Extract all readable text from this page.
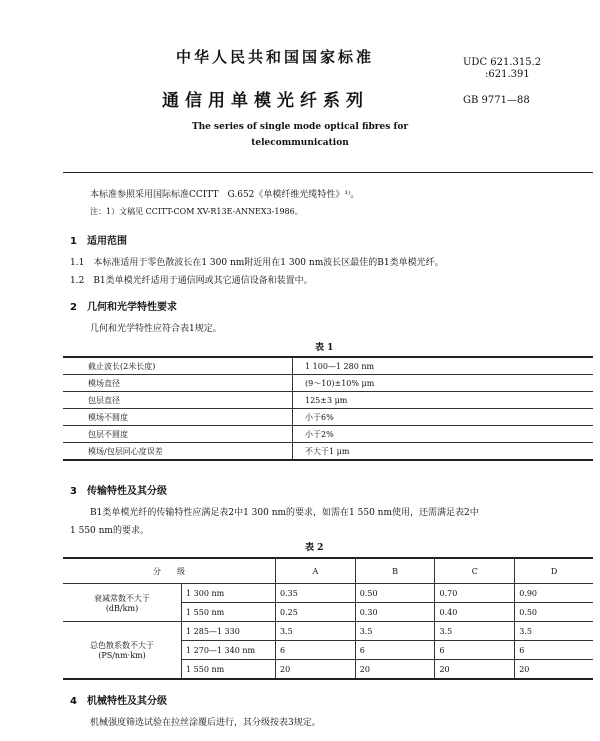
中华人民共和国国家标准	UDC 621.315.2
:621.391
通信用单模光纤系列	GB 9771—88
The series of single mode optical fibres for
telecommunication
本标准参照采用国际标准CCITT　G.652《单模纤维光缆特性》¹⁾。
注：1）文稿见 CCITT-COM XV-R13E-ANNEX3-1986。
1　适用范围
1.1　本标准适用于零色散波长在1 300 nm附近用在1 300 nm波长区最佳的B1类单模光纤。
1.2　B1类单模光纤适用于通信网或其它通信设备和装置中。
2　几何和光学特性要求
几何和光学特性应符合表1规定。
表 1
截止波长(2米长度)	1 100—1 280 nm
模场直径	(9～10)±10% μm
包层直径	125±3 μm
模场不圆度	小于6%
包层不圆度	小于2%
模场/包层同心度误差	不大于1 μm
3　传输特性及其分级
B1类单模光纤的传输特性应满足表2中1 300 nm的要求，如需在1 550 nm使用，还需满足表2中
1 550 nm的要求。
表 2
分　　级		A	B	C	D

衰减常数不大于
(dB/km)	1 300 nm	0.35	0.50	0.70	0.90
	1 550 nm	0.25	0.30	0.40	0.50

总色散系数不大于
(PS/nm·km)	1 285—1 330	3.5	3.5	3.5	3.5
	1 270—1 340 nm	6	6	6	6
	1 550 nm	20	20	20	20
4　机械特性及其分级
机械强度筛选试验在拉丝涂覆后进行，其分级按表3规定。
